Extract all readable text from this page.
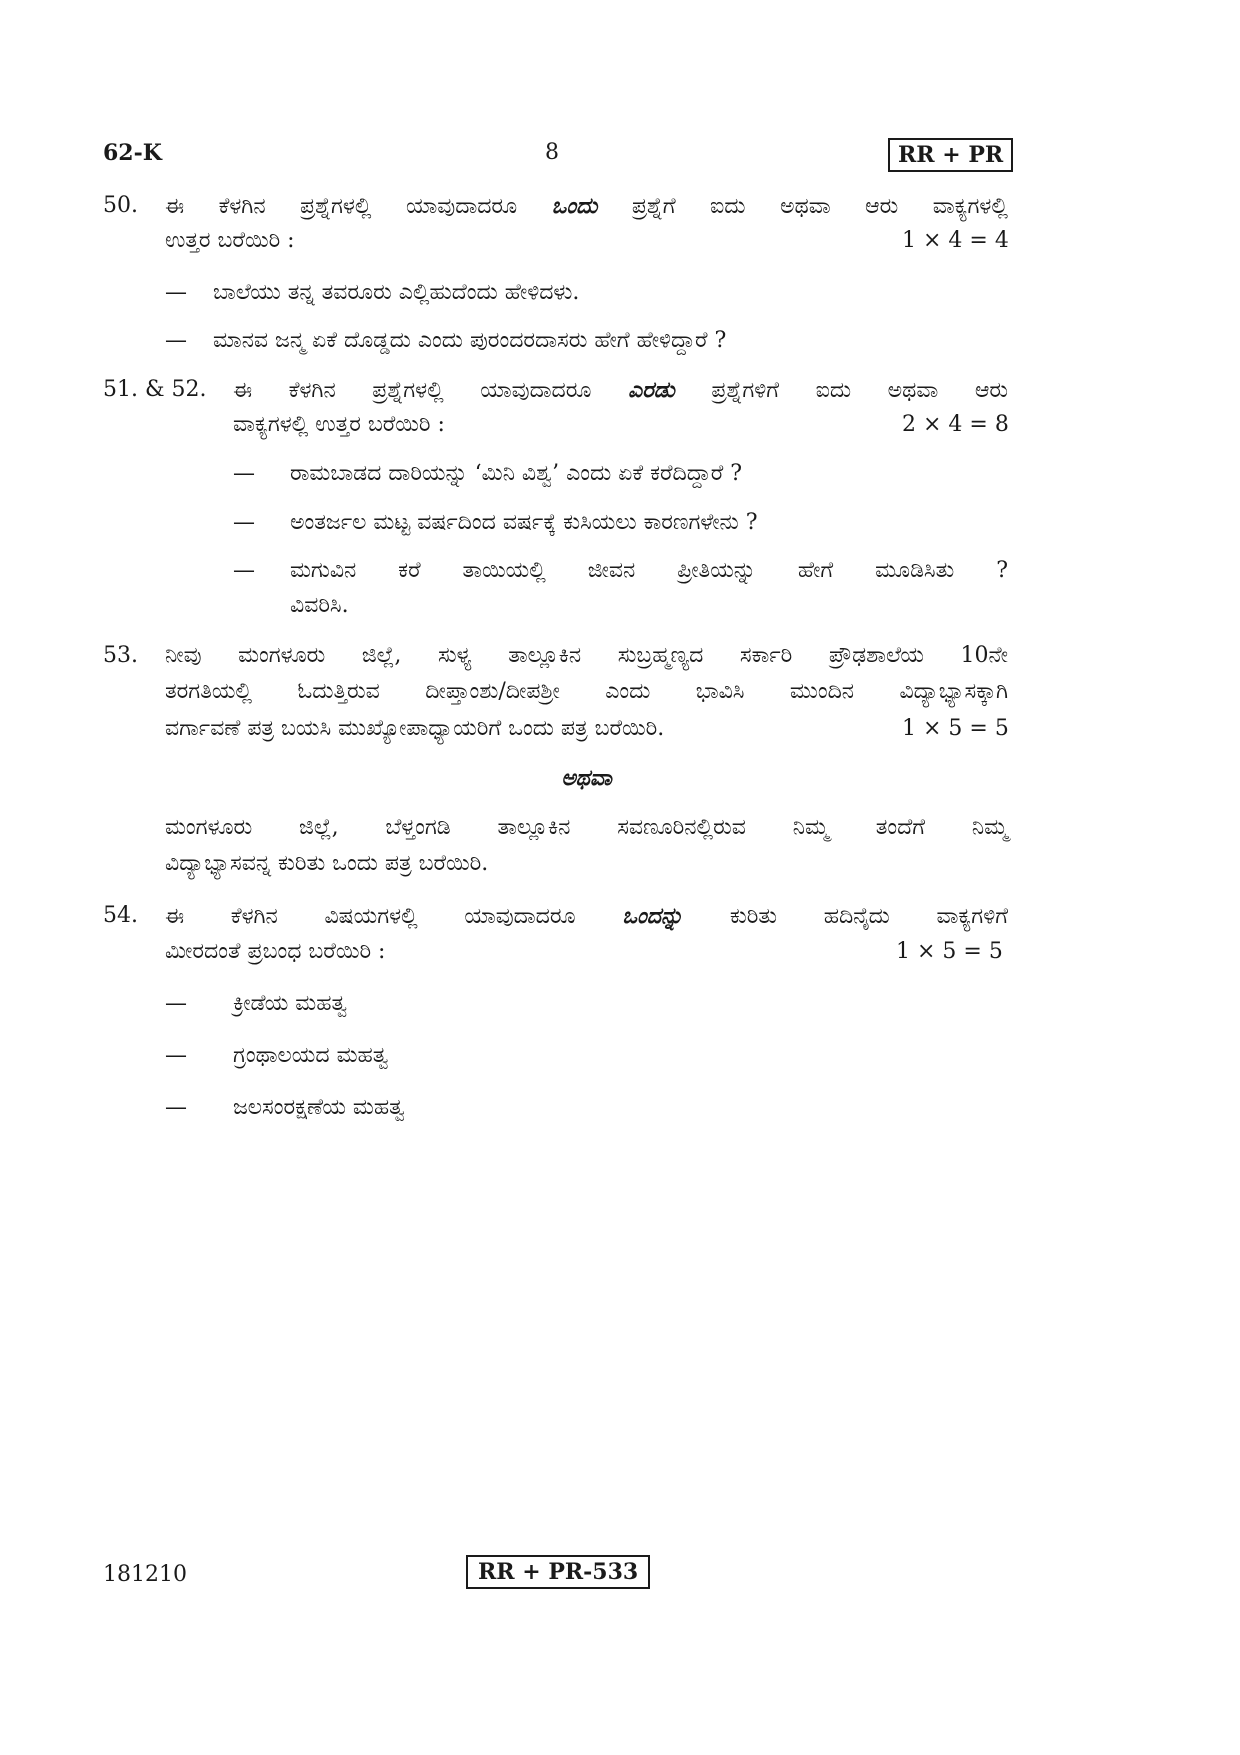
62-K	8	RR + PR
50. ಈ ಕೆಳಗಿನ ಪ್ರಶ್ನೆಗಳಲ್ಲಿ ಯಾವುದಾದರೂ ಒಂದು ಪ್ರಶ್ನೆಗೆ ಐದು ಅಥವಾ ಆರು ವಾಕ್ಯಗಳಲ್ಲಿ
ಉತ್ತರ ಬರೆಯಿರಿ :	1 × 4 = 4
— ಬಾಲೆಯು ತನ್ನ ತವರೂರು ಎಲ್ಲಿಹುದೆಂದು ಹೇಳಿದಳು.
— ಮಾನವ ಜನ್ಮ ಏಕೆ ದೊಡ್ಡದು ಎಂದು ಪುರಂದರದಾಸರು ಹೇಗೆ ಹೇಳಿದ್ದಾರೆ ?
51. & 52. ಈ ಕೆಳಗಿನ ಪ್ರಶ್ನೆಗಳಲ್ಲಿ ಯಾವುದಾದರೂ ಎರಡು ಪ್ರಶ್ನೆಗಳಿಗೆ ಐದು ಅಥವಾ ಆರು
ವಾಕ್ಯಗಳಲ್ಲಿ ಉತ್ತರ ಬರೆಯಿರಿ :	2 × 4 = 8
— ರಾಮಬಾಡದ ದಾರಿಯನ್ನು ‘ಮಿನಿ ವಿಶ್ವ’ ಎಂದು ಏಕೆ ಕರೆದಿದ್ದಾರೆ ?
— ಅಂತರ್ಜಲ ಮಟ್ಟ ವರ್ಷದಿಂದ ವರ್ಷಕ್ಕೆ ಕುಸಿಯಲು ಕಾರಣಗಳೇನು ?
— ಮಗುವಿನ ಕರೆ ತಾಯಿಯಲ್ಲಿ ಜೀವನ ಪ್ರೀತಿಯನ್ನು ಹೇಗೆ ಮೂಡಿಸಿತು ?
ವಿವರಿಸಿ.
53. ನೀವು ಮಂಗಳೂರು ಜಿಲ್ಲೆ, ಸುಳ್ಯ ತಾಲ್ಲೂಕಿನ ಸುಬ್ರಹ್ಮಣ್ಯದ ಸರ್ಕಾರಿ ಪ್ರೌಢಶಾಲೆಯ 10ನೇ
ತರಗತಿಯಲ್ಲಿ ಓದುತ್ತಿರುವ ದೀಪ್ತಾಂಶು/ದೀಪಶ್ರೀ ಎಂದು ಭಾವಿಸಿ ಮುಂದಿನ ವಿದ್ಯಾಭ್ಯಾಸಕ್ಕಾಗಿ
ವರ್ಗಾವಣೆ ಪತ್ರ ಬಯಸಿ ಮುಖ್ಯೋಪಾಧ್ಯಾಯರಿಗೆ ಒಂದು ಪತ್ರ ಬರೆಯಿರಿ.	1 × 5 = 5
ಅಥವಾ
ಮಂಗಳೂರು ಜಿಲ್ಲೆ, ಬೆಳ್ತಂಗಡಿ ತಾಲ್ಲೂಕಿನ ಸವಣೂರಿನಲ್ಲಿರುವ ನಿಮ್ಮ ತಂದೆಗೆ ನಿಮ್ಮ
ವಿದ್ಯಾಭ್ಯಾಸವನ್ನ ಕುರಿತು ಒಂದು ಪತ್ರ ಬರೆಯಿರಿ.
54. ಈ ಕೆಳಗಿನ ವಿಷಯಗಳಲ್ಲಿ ಯಾವುದಾದರೂ ಒಂದನ್ನು ಕುರಿತು ಹದಿನೈದು ವಾಕ್ಯಗಳಿಗೆ
ಮೀರದಂತೆ ಪ್ರಬಂಧ ಬರೆಯಿರಿ :	1 × 5 = 5
— ಕ್ರೀಡೆಯ ಮಹತ್ವ
— ಗ್ರಂಥಾಲಯದ ಮಹತ್ವ
— ಜಲಸಂರಕ್ಷಣೆಯ ಮಹತ್ವ
181210	RR + PR-533
